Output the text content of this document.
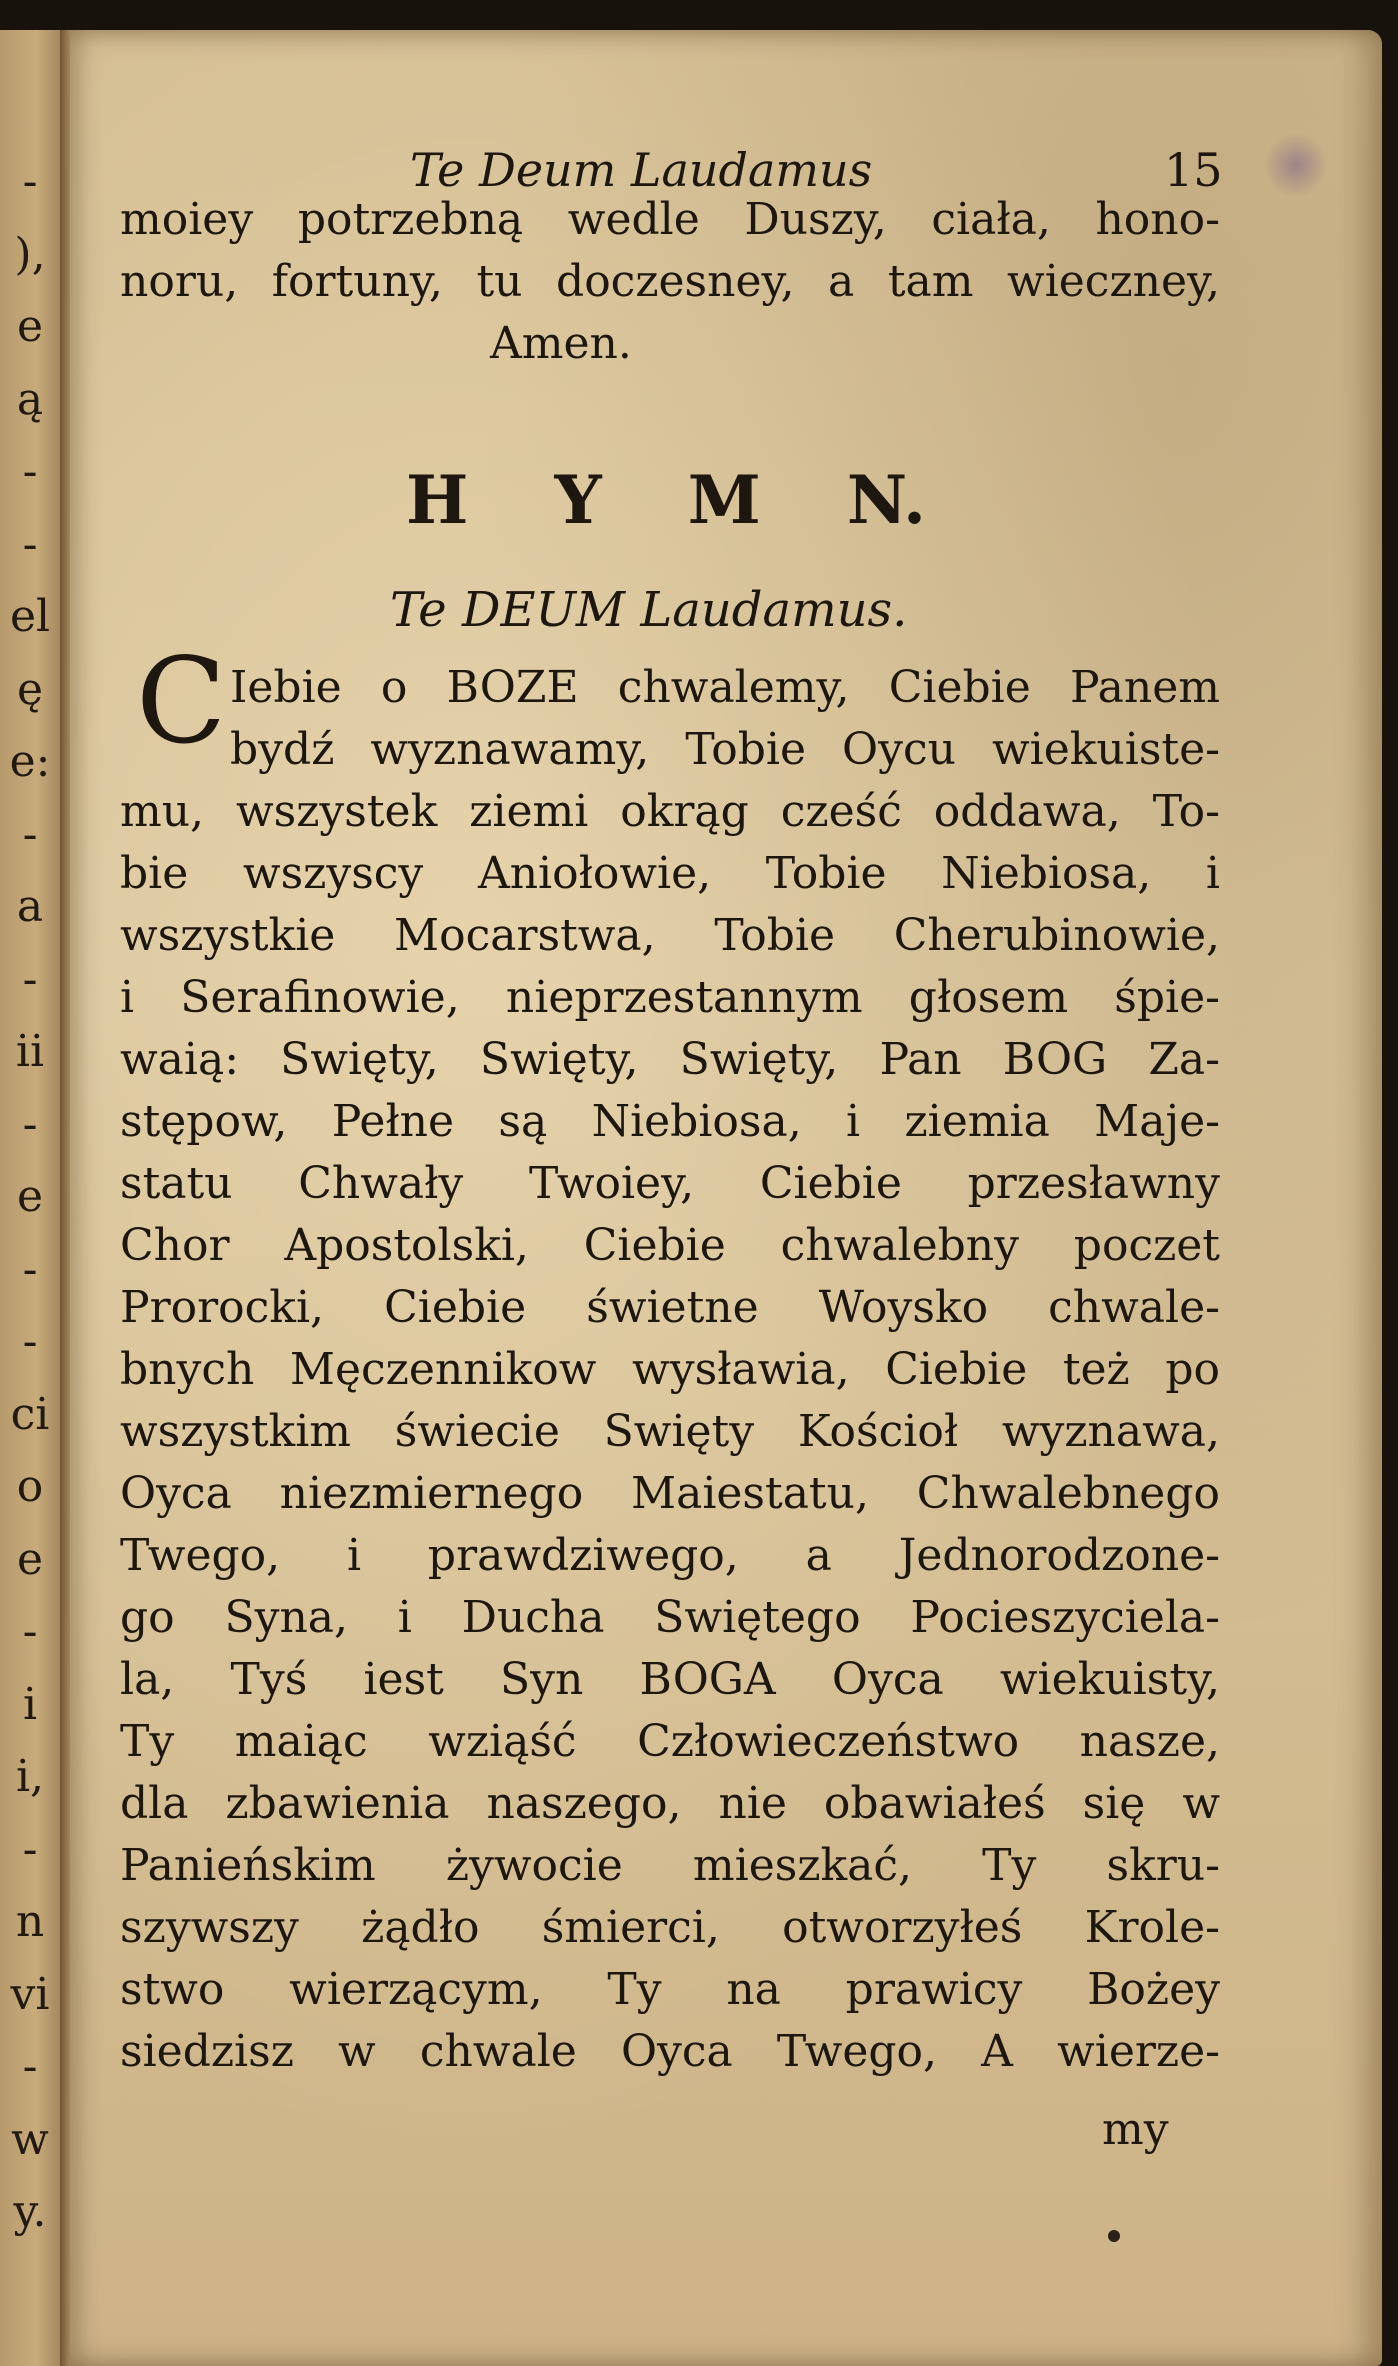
-
),
e
ą
-
-
el
ę
e:
-
a
-
ii
-
e
-
-
ci
o
e
-
i
i,
-
n
vi
-
w
y.
Te Deum Laudamus	15

moiey potrzebną wedle Duszy, ciała, hono-

noru, fortuny, tu doczesney, a tam wieczney,

Amen.

H Y M N.
Te DEUM Laudamus.
C Iebie o BOZE chwalemy, Ciebie Panem

bydź wyznawamy, Tobie Oycu wiekuiste-

mu, wszystek ziemi okrąg cześć oddawa, To-

bie wszyscy Aniołowie, Tobie Niebiosa, i

wszystkie Mocarstwa, Tobie Cherubinowie,

i Serafinowie, nieprzestannym głosem śpie-

waią: Swięty, Swięty, Swięty, Pan BOG Za-

stępow, Pełne są Niebiosa, i ziemia Maje-

statu Chwały Twoiey, Ciebie przesławny

Chor Apostolski, Ciebie chwalebny poczet

Prorocki, Ciebie świetne Woysko chwale-

bnych Męczennikow wysławia, Ciebie też po

wszystkim świecie Swięty Kościoł wyznawa,

Oyca niezmiernego Maiestatu, Chwalebnego

Twego, i prawdziwego, a Jednorodzone-

go Syna, i Ducha Swiętego Pocieszyciela-

la, Tyś iest Syn BOGA Oyca wiekuisty,

Ty maiąc wziąść Człowieczeństwo nasze,

dla zbawienia naszego, nie obawiałeś się w

Panieńskim żywocie mieszkać, Ty skru-

szywszy żądło śmierci, otworzyłeś Krole-

stwo wierzącym, Ty na prawicy Bożey

siedzisz w chwale Oyca Twego, A wierze-

my
